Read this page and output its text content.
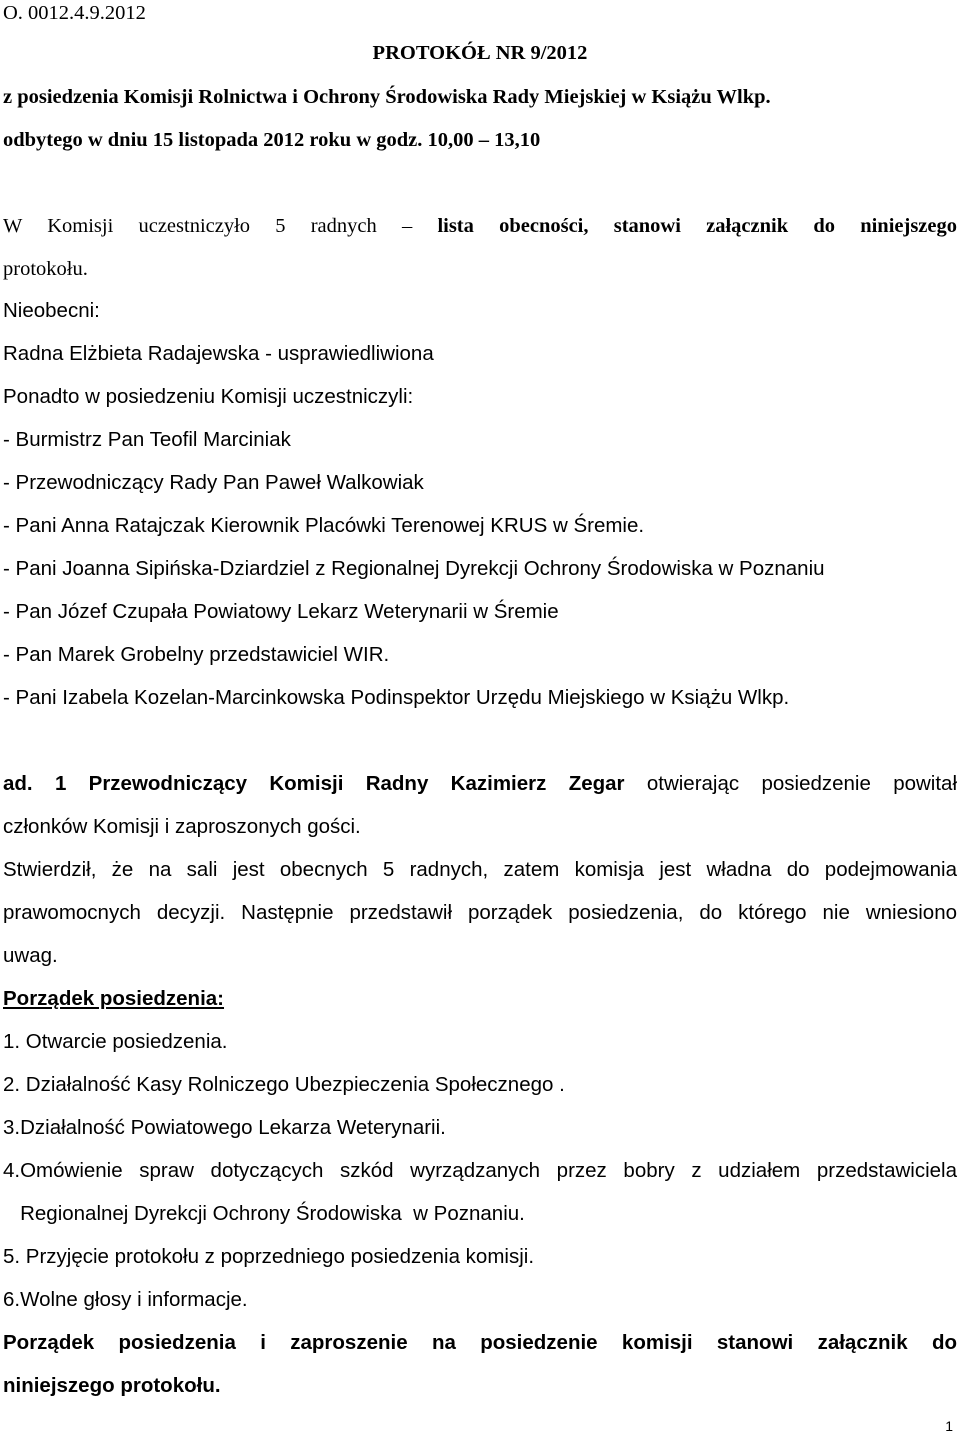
O. 0012.4.9.2012
PROTOKÓŁ NR 9/2012
z posiedzenia Komisji Rolnictwa i Ochrony Środowiska Rady Miejskiej w Książu Wlkp.
odbytego w dniu 15 listopada 2012 roku w godz. 10,00 – 13,10
W Komisji uczestniczyło 5 radnych – lista obecności, stanowi załącznik do niniejszego
protokołu.
Nieobecni:
Radna Elżbieta Radajewska - usprawiedliwiona
Ponadto w posiedzeniu Komisji uczestniczyli:
- Burmistrz Pan Teofil Marciniak
- Przewodniczący Rady Pan Paweł Walkowiak
- Pani Anna Ratajczak Kierownik Placówki Terenowej KRUS w Śremie.
- Pani Joanna Sipińska-Dziardziel z Regionalnej Dyrekcji Ochrony Środowiska w Poznaniu
- Pan Józef Czupała Powiatowy Lekarz Weterynarii w Śremie
- Pan Marek Grobelny przedstawiciel WIR.
- Pani Izabela Kozelan-Marcinkowska Podinspektor Urzędu Miejskiego w Książu Wlkp.
ad. 1 Przewodniczący Komisji Radny Kazimierz Zegar otwierając posiedzenie powitał
członków Komisji i zaproszonych gości.
Stwierdził, że na sali jest obecnych 5 radnych, zatem komisja jest władna do podejmowania
prawomocnych decyzji. Następnie przedstawił porządek posiedzenia, do którego nie wniesiono
uwag.
Porządek posiedzenia:
1. Otwarcie posiedzenia.
2. Działalność Kasy Rolniczego Ubezpieczenia Społecznego .
3.Działalność Powiatowego Lekarza Weterynarii.
4.Omówienie spraw dotyczących szkód wyrządzanych przez bobry z udziałem przedstawiciela
Regionalnej Dyrekcji Ochrony Środowiska  w Poznaniu.
5. Przyjęcie protokołu z poprzedniego posiedzenia komisji.
6.Wolne głosy i informacje.
Porządek posiedzenia i zaproszenie na posiedzenie komisji stanowi załącznik do
niniejszego protokołu.
1
